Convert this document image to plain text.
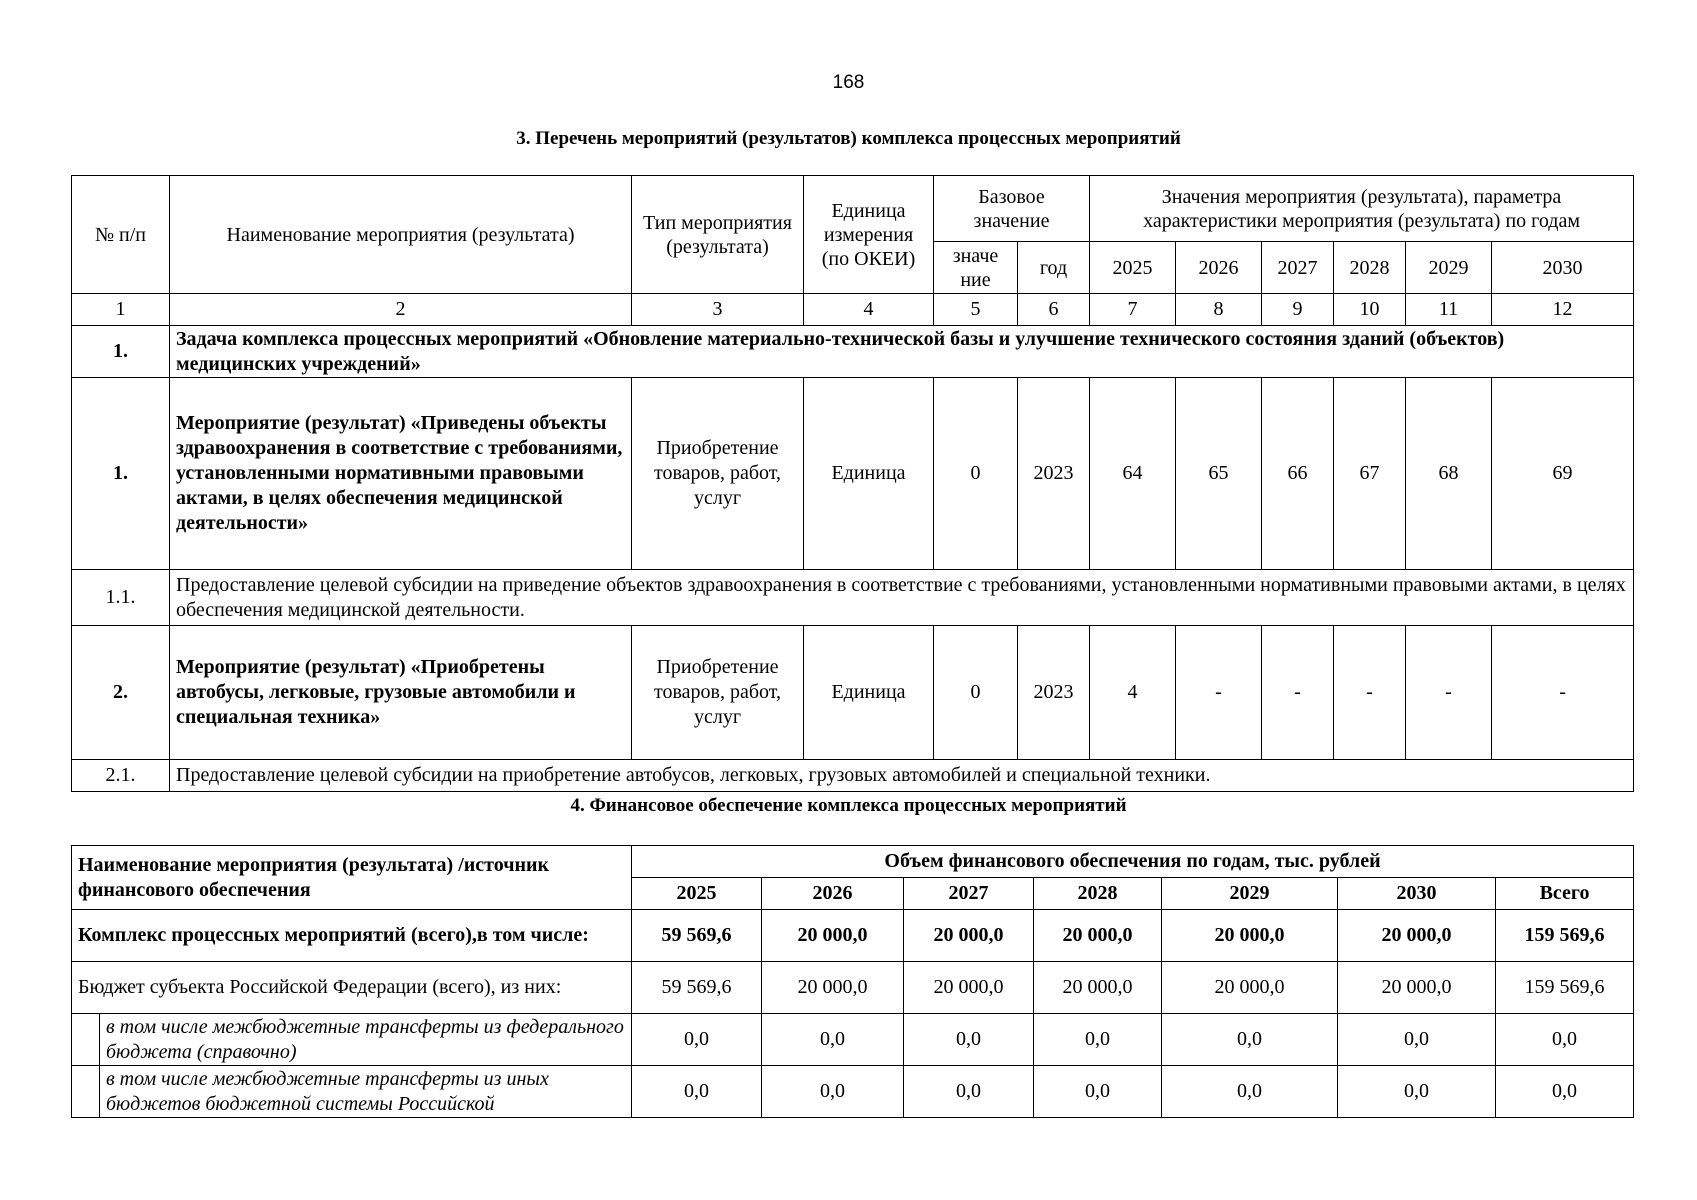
168
3. Перечень мероприятий (результатов) комплекса процессных мероприятий
№ п/п	Наименование мероприятия (результата)	Тип мероприятия (результата)	Единица измерения (по ОКЕИ)	Базовое значение		Значения мероприятия (результата), параметра характеристики мероприятия (результата) по годам					
				значе ние	год	2025	2026	2027	2028	2029	2030
1	2	3	4	5	6	7	8	9	10	11	12
1.	Задача комплекса процессных мероприятий «Обновление материально-технической базы и улучшение технического состояния зданий (объектов) медицинских учреждений»										
1.	Мероприятие (результат) «Приведены объекты здравоохранения в соответствие с требованиями, установленными нормативными правовыми актами, в целях обеспечения медицинской деятельности»	Приобретение товаров, работ, услуг	Единица	0	2023	64	65	66	67	68	69
1.1.	Предоставление целевой субсидии на приведение объектов здравоохранения в соответствие с требованиями, установленными нормативными правовыми актами, в целях обеспечения медицинской деятельности.										
2.	Мероприятие (результат) «Приобретены автобусы, легковые, грузовые автомобили и специальная техника»	Приобретение товаров, работ, услуг	Единица	0	2023	4	-	-	-	-	-
2.1.	Предоставление целевой субсидии на приобретение автобусов, легковых, грузовых автомобилей и специальной техники.										
4. Финансовое обеспечение комплекса процессных мероприятий
Наименование мероприятия (результата) /источник финансового обеспечения		Объем финансового обеспечения по годам, тыс. рублей						
		2025	2026	2027	2028	2029	2030	Всего
Комплекс процессных мероприятий (всего),в том числе:		59 569,6	20 000,0	20 000,0	20 000,0	20 000,0	20 000,0	159 569,6
Бюджет субъекта Российской Федерации (всего), из них:		59 569,6	20 000,0	20 000,0	20 000,0	20 000,0	20 000,0	159 569,6
	в том числе межбюджетные трансферты из федерального бюджета (справочно)	0,0	0,0	0,0	0,0	0,0	0,0	0,0
	в том числе межбюджетные трансферты из иных бюджетов бюджетной системы Российской	0,0	0,0	0,0	0,0	0,0	0,0	0,0
